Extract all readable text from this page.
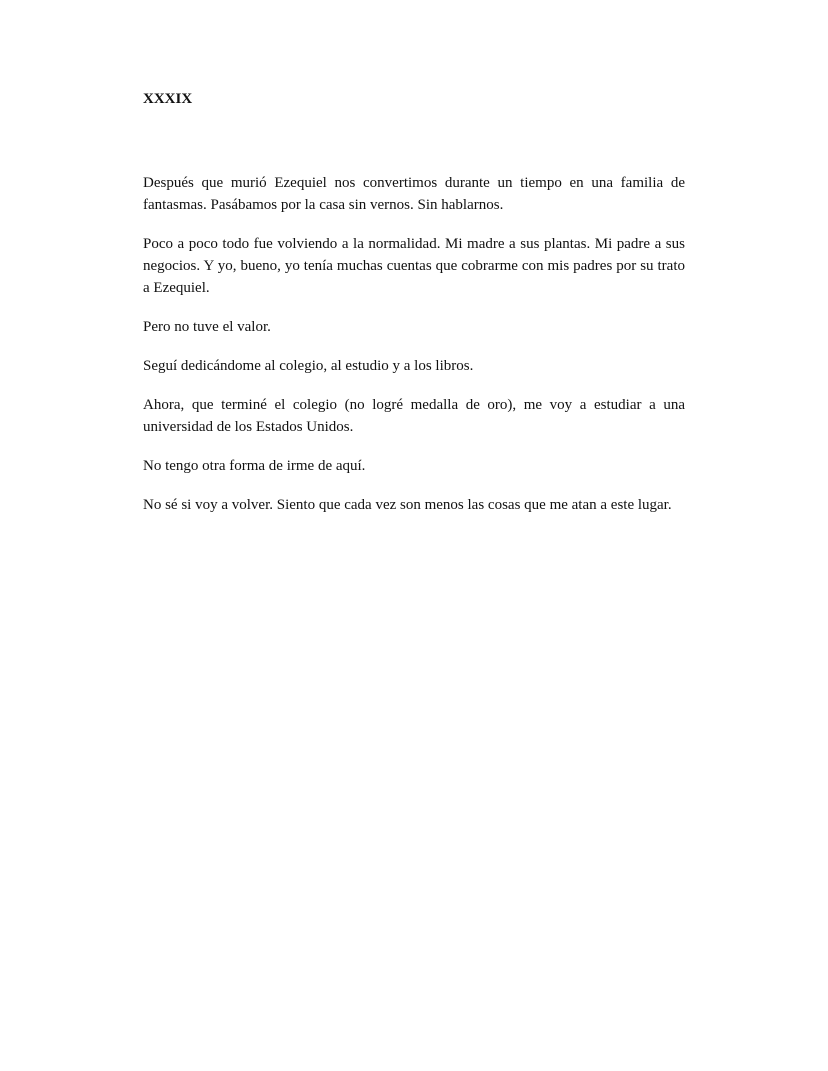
XXXIX

Después que murió Ezequiel nos convertimos durante un tiempo en una familia de fantasmas. Pasábamos por la casa sin vernos. Sin hablarnos.

Poco a poco todo fue volviendo a la normalidad. Mi madre a sus plantas. Mi padre a sus negocios. Y yo, bueno, yo tenía muchas cuentas que cobrarme con mis padres por su trato a Ezequiel.

Pero no tuve el valor.

Seguí dedicándome al colegio, al estudio y a los libros.

Ahora, que terminé el colegio (no logré medalla de oro), me voy a estudiar a una universidad de los Estados Unidos.

No tengo otra forma de irme de aquí.

No sé si voy a volver. Siento que cada vez son menos las cosas que me atan a este lugar.
